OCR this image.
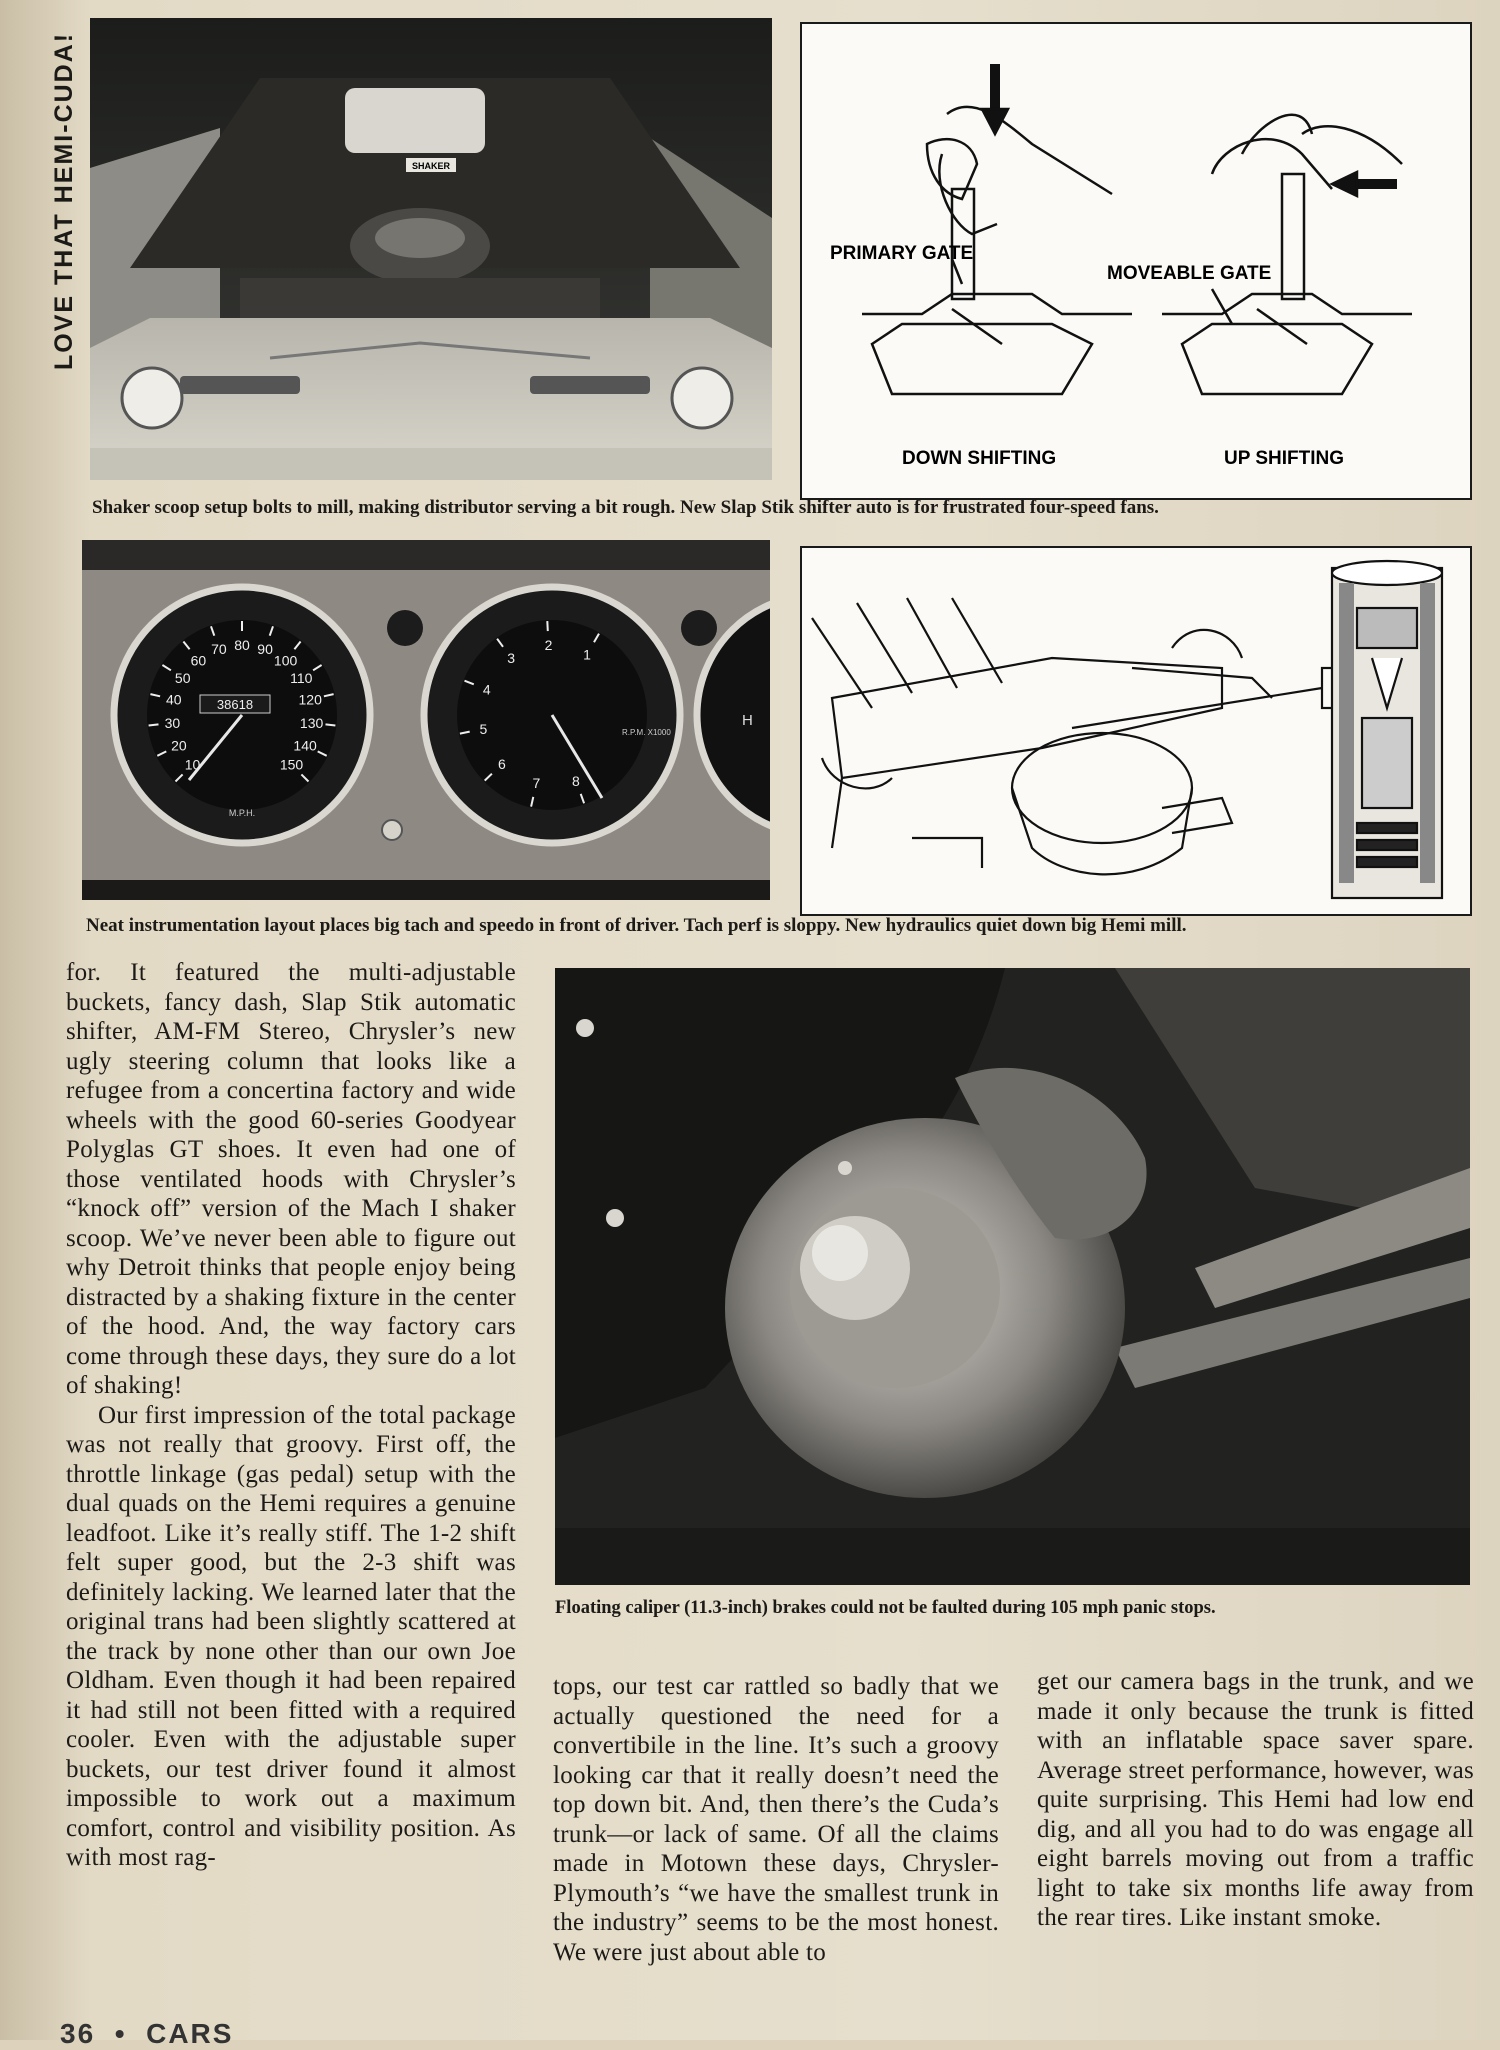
LOVE THAT HEMI-CUDA!	SHAKER
PRIMARY GATE
MOVEABLE GATE
DOWN SHIFTING	UP SHIFTING
Shaker scoop setup bolts to mill, making distributor serving a bit rough. New Slap Stik shifter auto is for frustrated four-speed fans.
38618
M.P.H.
10
20
30
40
50
60
70 80 90
100
110
120
130
140
150
R.P.M. X1000
8
7
6
5
4
3
2
1
H
Neat instrumentation layout places big tach and speedo in front of driver. Tach perf is sloppy. New hydraulics quiet down big Hemi mill.
Floating caliper (11.3-inch) brakes could not be faulted during 105 mph panic stops.

for. It featured the multi-adjustable buckets, fancy dash, Slap Stik automatic shifter, AM-FM Stereo, Chrysler’s new ugly steering column that looks like a refugee from a concertina factory and wide wheels with the good 60-series Goodyear Polyglas GT shoes. It even had one of those ventilated hoods with Chrysler’s “knock off” version of the Mach I shaker scoop. We’ve never been able to figure out why Detroit thinks that people enjoy being distracted by a shaking fixture in the center of the hood. And, the way factory cars come through these days, they sure do a lot of shaking!

Our first impression of the total package was not really that groovy. First off, the throttle linkage (gas pedal) setup with the dual quads on the Hemi requires a genuine leadfoot. Like it’s really stiff. The 1-2 shift felt super good, but the 2-3 shift was definitely lacking. We learned later that the original trans had been slightly scattered at the track by none other than our own Joe Oldham. Even though it had been repaired it had still not been fitted with a required cooler. Even with the adjustable super buckets, our test driver found it almost impossible to work out a maximum comfort, control and visibility position. As with most rag-

tops, our test car rattled so badly that we actually questioned the need for a convertibile in the line. It’s such a groovy looking car that it really doesn’t need the top down bit. And, then there’s the Cuda’s trunk—or lack of same. Of all the claims made in Motown these days, Chrysler-Plymouth’s “we have the smallest trunk in the industry” seems to be the most honest. We were just about able to

get our camera bags in the trunk, and we made it only because the trunk is fitted with an inflatable space saver spare. Average street performance, however, was quite surprising. This Hemi had low end dig, and all you had to do was engage all eight barrels moving out from a traffic light to take six months life away from the rear tires. Like instant smoke.

36  •  CARS
